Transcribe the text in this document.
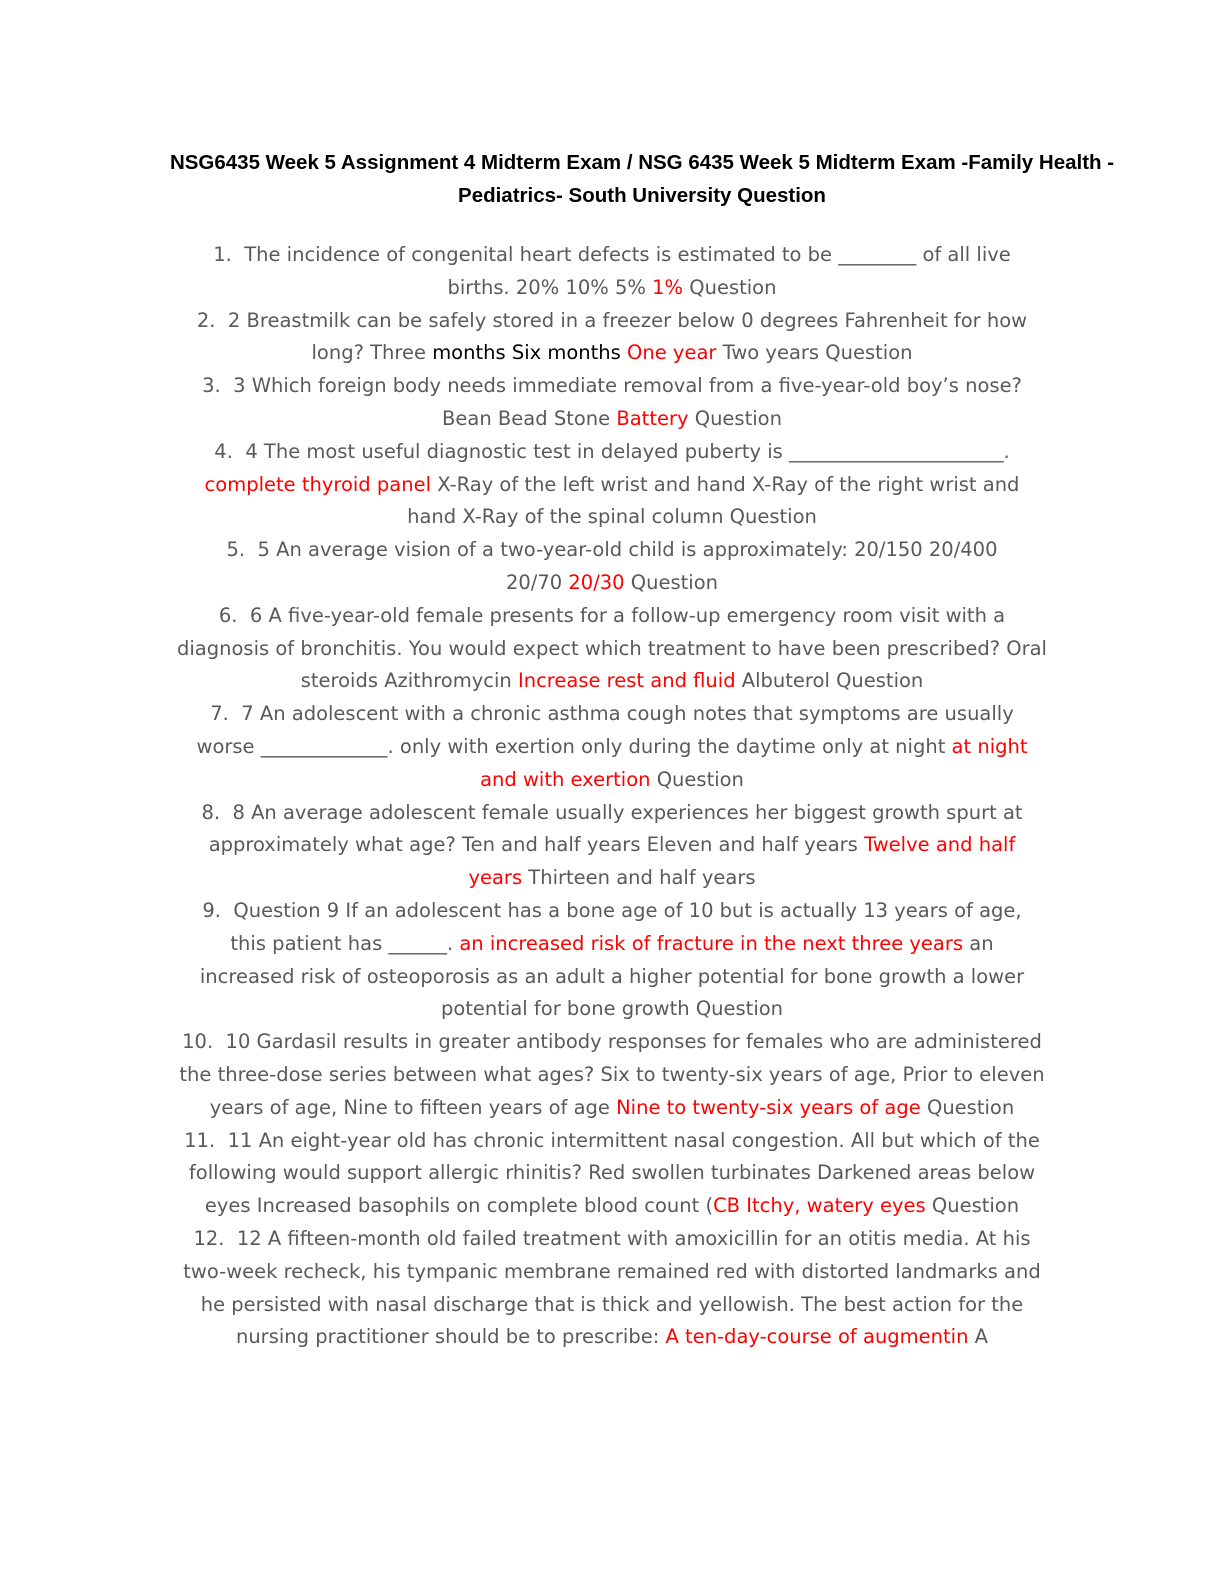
NSG6435 Week 5 Assignment 4 Midterm Exam / NSG 6435 Week 5 Midterm Exam -Family Health - Pediatrics- South University Question
1.  The incidence of congenital heart defects is estimated to be ________ of all live births. 20% 10% 5% 1% Question
2.  2 Breastmilk can be safely stored in a freezer below 0 degrees Fahrenheit for how long? Three months Six months One year Two years Question
3.  3 Which foreign body needs immediate removal from a five-year-old boy’s nose? Bean Bead Stone Battery Question
4.  4 The most useful diagnostic test in delayed puberty is ______________________. complete thyroid panel X-Ray of the left wrist and hand X-Ray of the right wrist and hand X-Ray of the spinal column Question
5.  5 An average vision of a two-year-old child is approximately: 20/150 20/400 20/70 20/30 Question
6.  6 A five-year-old female presents for a follow-up emergency room visit with a diagnosis of bronchitis. You would expect which treatment to have been prescribed? Oral steroids Azithromycin Increase rest and fluid Albuterol Question
7.  7 An adolescent with a chronic asthma cough notes that symptoms are usually worse _____________. only with exertion only during the daytime only at night at night and with exertion Question
8.  8 An average adolescent female usually experiences her biggest growth spurt at approximately what age? Ten and half years Eleven and half years Twelve and half years Thirteen and half years
9.  Question 9 If an adolescent has a bone age of 10 but is actually 13 years of age, this patient has ______. an increased risk of fracture in the next three years an increased risk of osteoporosis as an adult a higher potential for bone growth a lower potential for bone growth Question
10.  10 Gardasil results in greater antibody responses for females who are administered the three-dose series between what ages? Six to twenty-six years of age, Prior to eleven years of age, Nine to fifteen years of age Nine to twenty-six years of age Question
11.  11 An eight-year old has chronic intermittent nasal congestion. All but which of the following would support allergic rhinitis? Red swollen turbinates Darkened areas below eyes Increased basophils on complete blood count (CB Itchy, watery eyes Question
12.  12 A fifteen-month old failed treatment with amoxicillin for an otitis media. At his two-week recheck, his tympanic membrane remained red with distorted landmarks and he persisted with nasal discharge that is thick and yellowish. The best action for the nursing practitioner should be to prescribe: A ten-day-course of augmentin A
